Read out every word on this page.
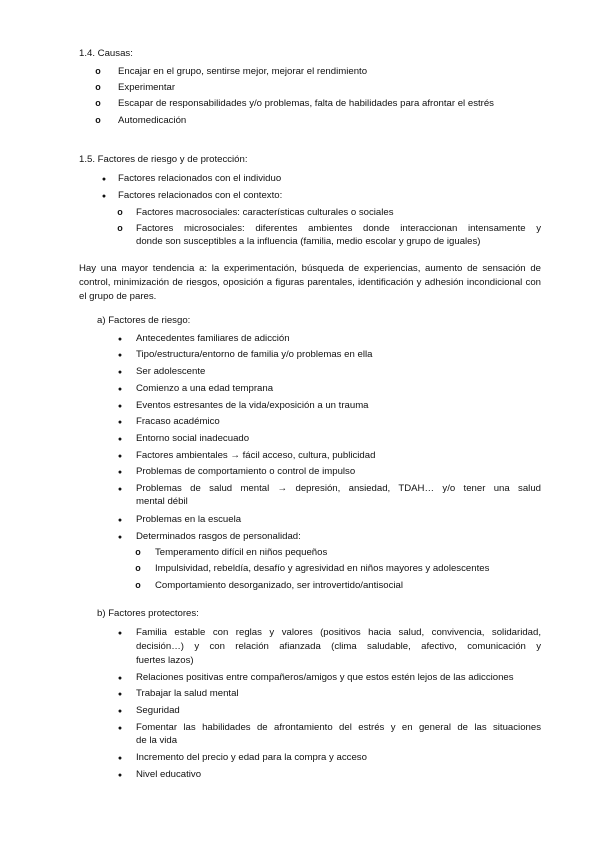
1.4. Causas:
o
Encajar en el grupo, sentirse mejor, mejorar el rendimiento
o
Experimentar
o
Escapar de responsabilidades y/o problemas, falta de habilidades para afrontar el estrés
o
Automedicación
1.5. Factores de riesgo y de protección:
●
Factores relacionados con el individuo
●
Factores relacionados con el contexto:
o
Factores macrosociales: características culturales o sociales
o
Factores microsociales: diferentes ambientes donde interaccionan intensamente y
donde son susceptibles a la influencia (familia, medio escolar y grupo de iguales)
Hay una mayor tendencia a: la experimentación, búsqueda de experiencias, aumento de sensación de control, minimización de riesgos, oposición a figuras parentales, identificación y adhesión incondicional con el grupo de pares.
a) Factores de riesgo:
●
Antecedentes familiares de adicción
●
Tipo/estructura/entorno de familia y/o problemas en ella
●
Ser adolescente
●
Comienzo a una edad temprana
●
Eventos estresantes de la vida/exposición a un trauma
●
Fracaso académico
●
Entorno social inadecuado
●
Factores ambientales → fácil acceso, cultura, publicidad
●
Problemas de comportamiento o control de impulso
●
Problemas de salud mental → depresión, ansiedad, TDAH… y/o tener una salud
mental débil
●
Problemas en la escuela
●
Determinados rasgos de personalidad:
o
Temperamento difícil en niños pequeños
o
Impulsividad, rebeldía, desafío y agresividad en niños mayores y adolescentes
o
Comportamiento desorganizado, ser introvertido/antisocial
b) Factores protectores:
●
Familia estable con reglas y valores (positivos hacia salud, convivencia, solidaridad,
decisión…) y con relación afianzada (clima saludable, afectivo, comunicación y
fuertes lazos)
●
Relaciones positivas entre compañeros/amigos y que estos estén lejos de las adicciones
●
Trabajar la salud mental
●
Seguridad
●
Fomentar las habilidades de afrontamiento del estrés y en general de las situaciones
de la vida
●
Incremento del precio y edad para la compra y acceso
●
Nivel educativo
